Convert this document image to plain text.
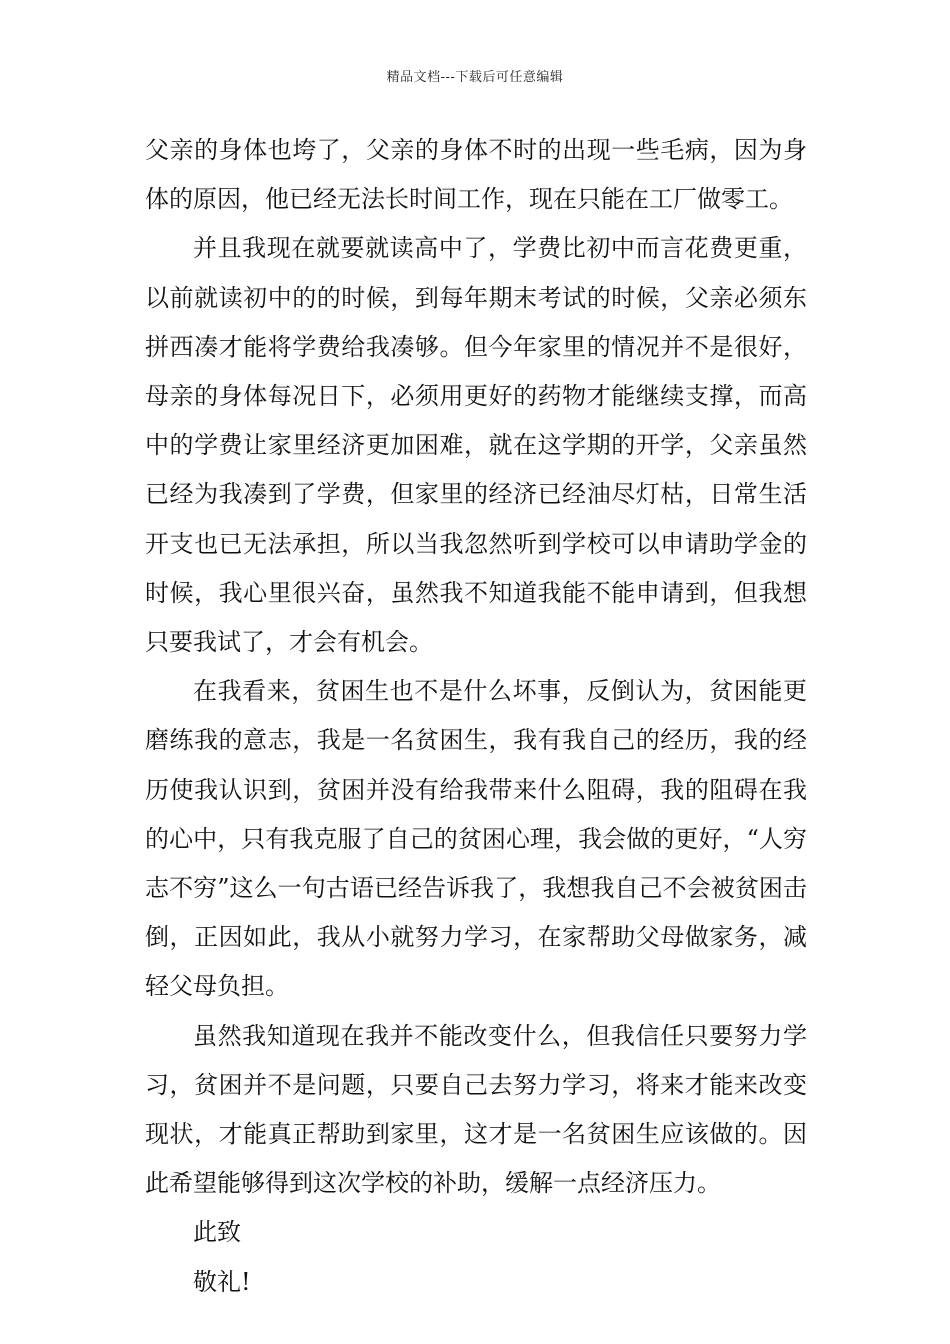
精品文档---下载后可任意编辑

父亲的身体也垮了，父亲的身体不时的出现一些毛病，因为身体的原因，他已经无法长时间工作，现在只能在工厂做零工。

并且我现在就要就读高中了，学费比初中而言花费更重，以前就读初中的的时候，到每年期末考试的时候，父亲必须东拼西凑才能将学费给我凑够。但今年家里的情况并不是很好，母亲的身体每况日下，必须用更好的药物才能继续支撑，而高中的学费让家里经济更加困难，就在这学期的开学，父亲虽然已经为我凑到了学费，但家里的经济已经油尽灯枯，日常生活开支也已无法承担，所以当我忽然听到学校可以申请助学金的时候，我心里很兴奋，虽然我不知道我能不能申请到，但我想只要我试了，才会有机会。

在我看来，贫困生也不是什么坏事，反倒认为，贫困能更磨练我的意志，我是一名贫困生，我有我自己的经历，我的经历使我认识到，贫困并没有给我带来什么阻碍，我的阻碍在我的心中，只有我克服了自己的贫困心理，我会做的更好，“人穷志不穷”这么一句古语已经告诉我了，我想我自己不会被贫困击倒，正因如此，我从小就努力学习，在家帮助父母做家务，减轻父母负担。

虽然我知道现在我并不能改变什么，但我信任只要努力学习，贫困并不是问题，只要自己去努力学习，将来才能来改变现状，才能真正帮助到家里，这才是一名贫困生应该做的。因此希望能够得到这次学校的补助，缓解一点经济压力。

此致

敬礼!
